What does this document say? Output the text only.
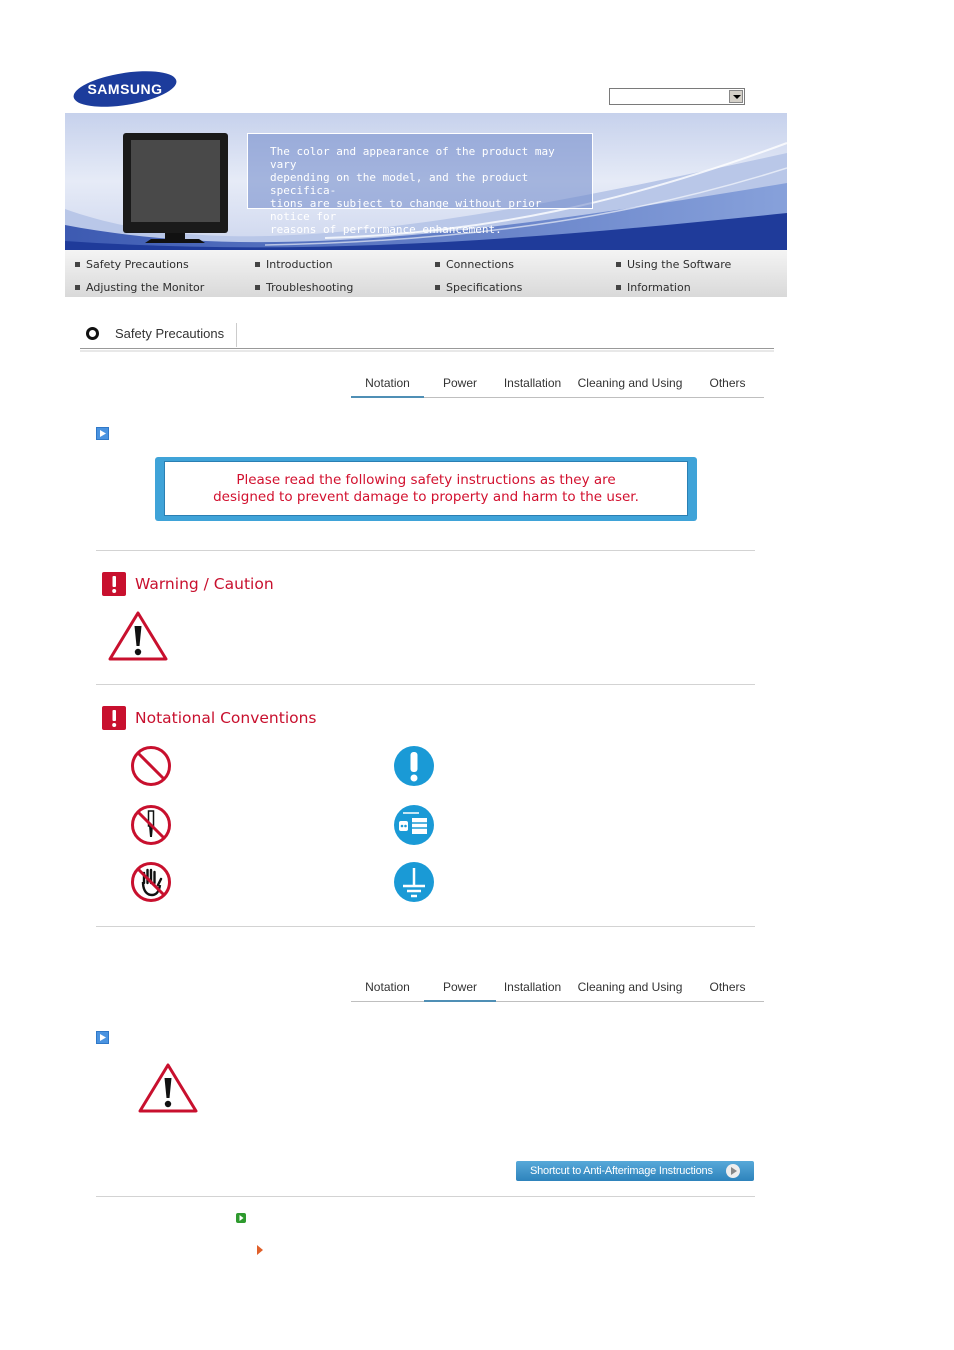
SAMSUNG
The color and appearance of the product may vary
depending on the model, and the product specifica-
tions are subject to change without prior notice for
reasons of performance enhancement.
Safety Precautions	Introduction	Connections	Using the Software
Adjusting the Monitor	Troubleshooting	Specifications	Information
Safety Precautions
Notation	Power	Installation	Cleaning and Using	Others
Please read the following safety instructions as they are
designed to prevent damage to property and harm to the user.
Warning / Caution
Notational Conventions
Notation	Power	Installation	Cleaning and Using	Others
Shortcut to Anti-Afterimage Instructions
